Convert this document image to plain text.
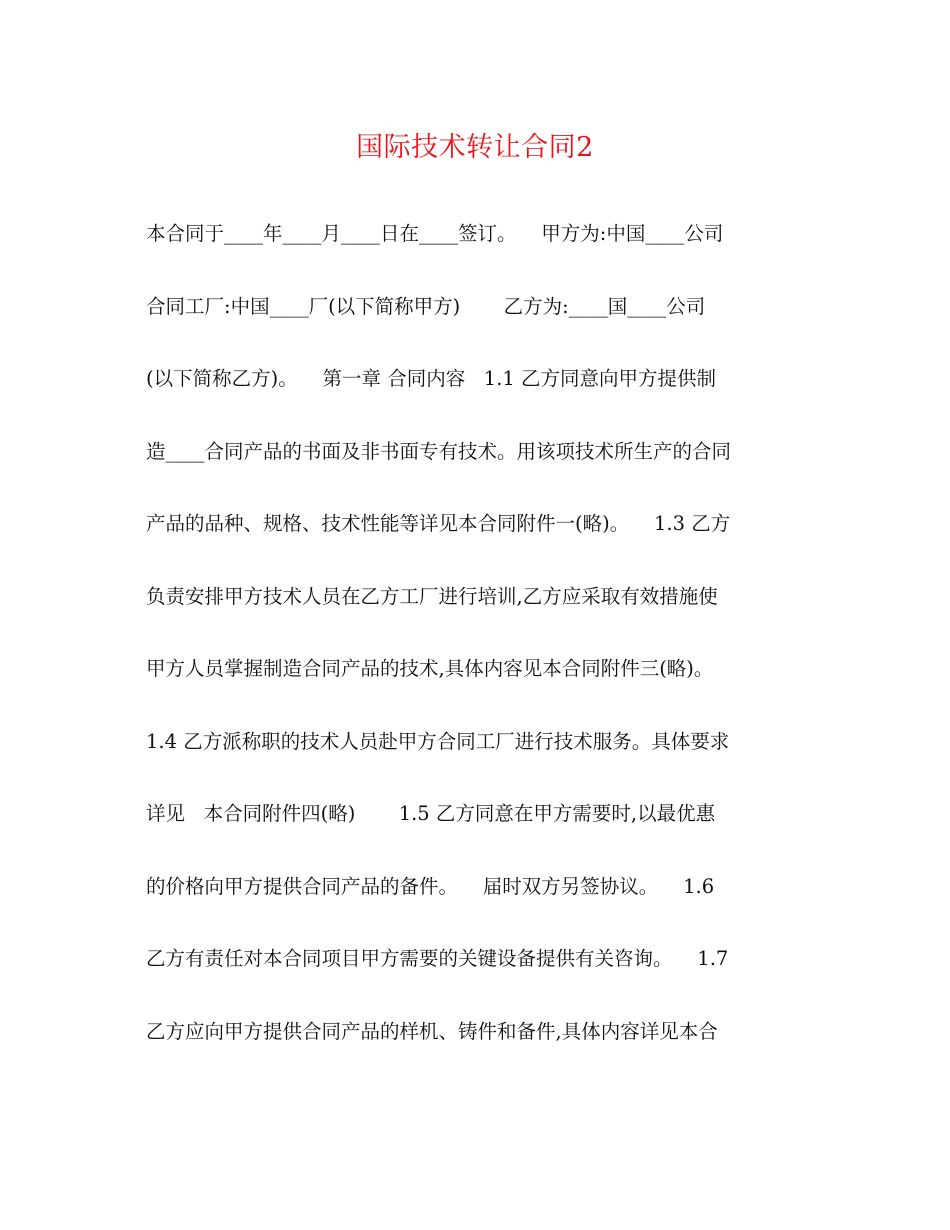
国际技术转让合同2
本合同于____年____月____日在____签订。    甲方为:中国____公司
合同工厂:中国____厂(以下简称甲方)       乙方为:____国____公司
(以下简称乙方)。    第一章 合同内容   1.1 乙方同意向甲方提供制
造____合同产品的书面及非书面专有技术。用该项技术所生产的合同
产品的品种、规格、技术性能等详见本合同附件一(略)。    1.3 乙方
负责安排甲方技术人员在乙方工厂进行培训,乙方应采取有效措施使
甲方人员掌握制造合同产品的技术,具体内容见本合同附件三(略)。
1.4 乙方派称职的技术人员赴甲方合同工厂进行技术服务。具体要求
详见   本合同附件四(略)       1.5 乙方同意在甲方需要时,以最优惠
的价格向甲方提供合同产品的备件。    届时双方另签协议。    1.6
乙方有责任对本合同项目甲方需要的关键设备提供有关咨询。    1.7
乙方应向甲方提供合同产品的样机、铸件和备件,具体内容详见本合
